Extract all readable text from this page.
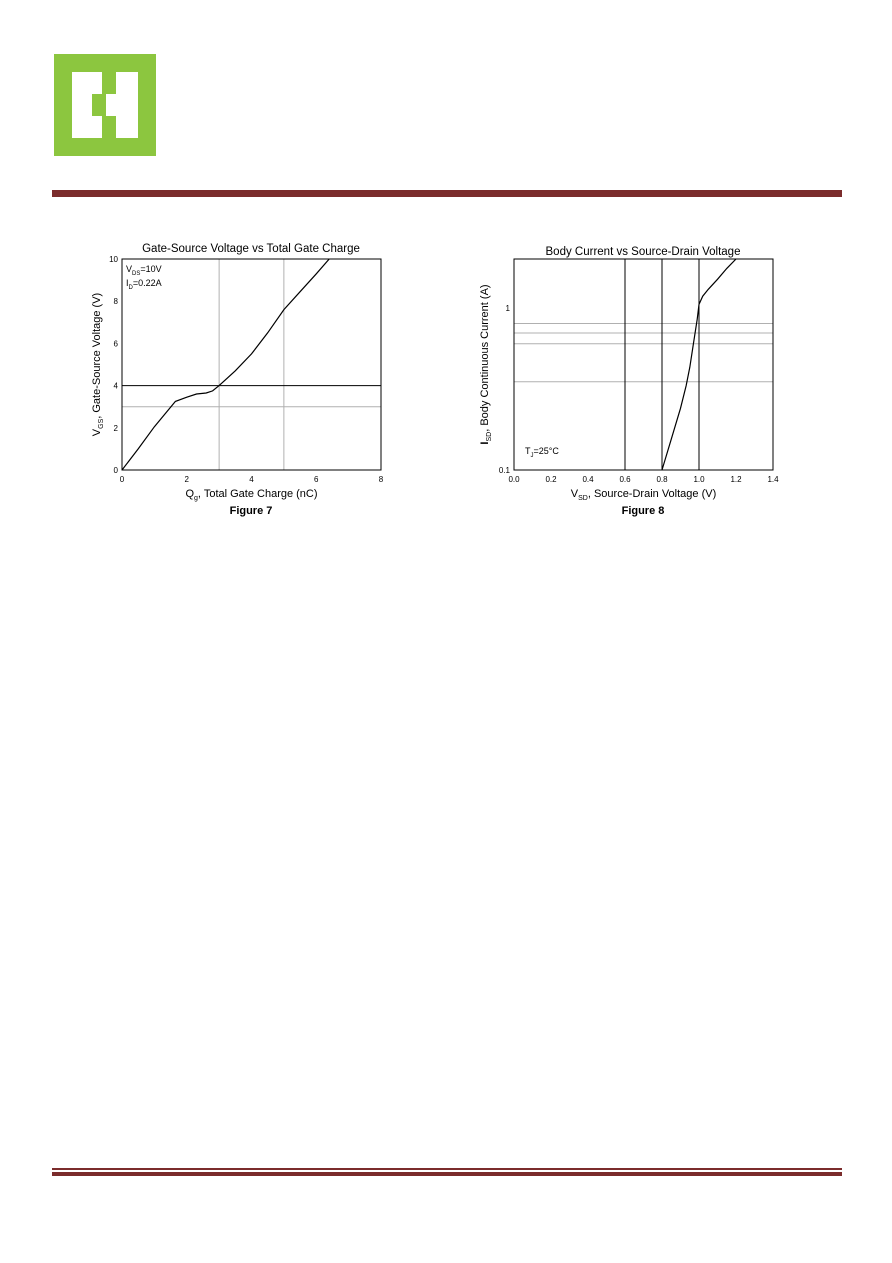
Gate-Source Voltage vs Total Gate Charge
0	2	4	6	8
0
2
4
6
8
10
$V_{DS}=10V$
$I_D=0.22A$
$Q_g$, Total Gate Charge (nC)
$V_{GS}$, Gate-Source Voltage (V)
Figure 7
Body Current vs Source-Drain Voltage
0.0	0.2	0.4	0.6	0.8	1.0	1.2	1.4
0.1
1
$T_J=25^\circ C$
$V_{SD}$, Source-Drain Voltage (V)
$I_{SD}$, Body Continuous Current (A)
Figure 8
